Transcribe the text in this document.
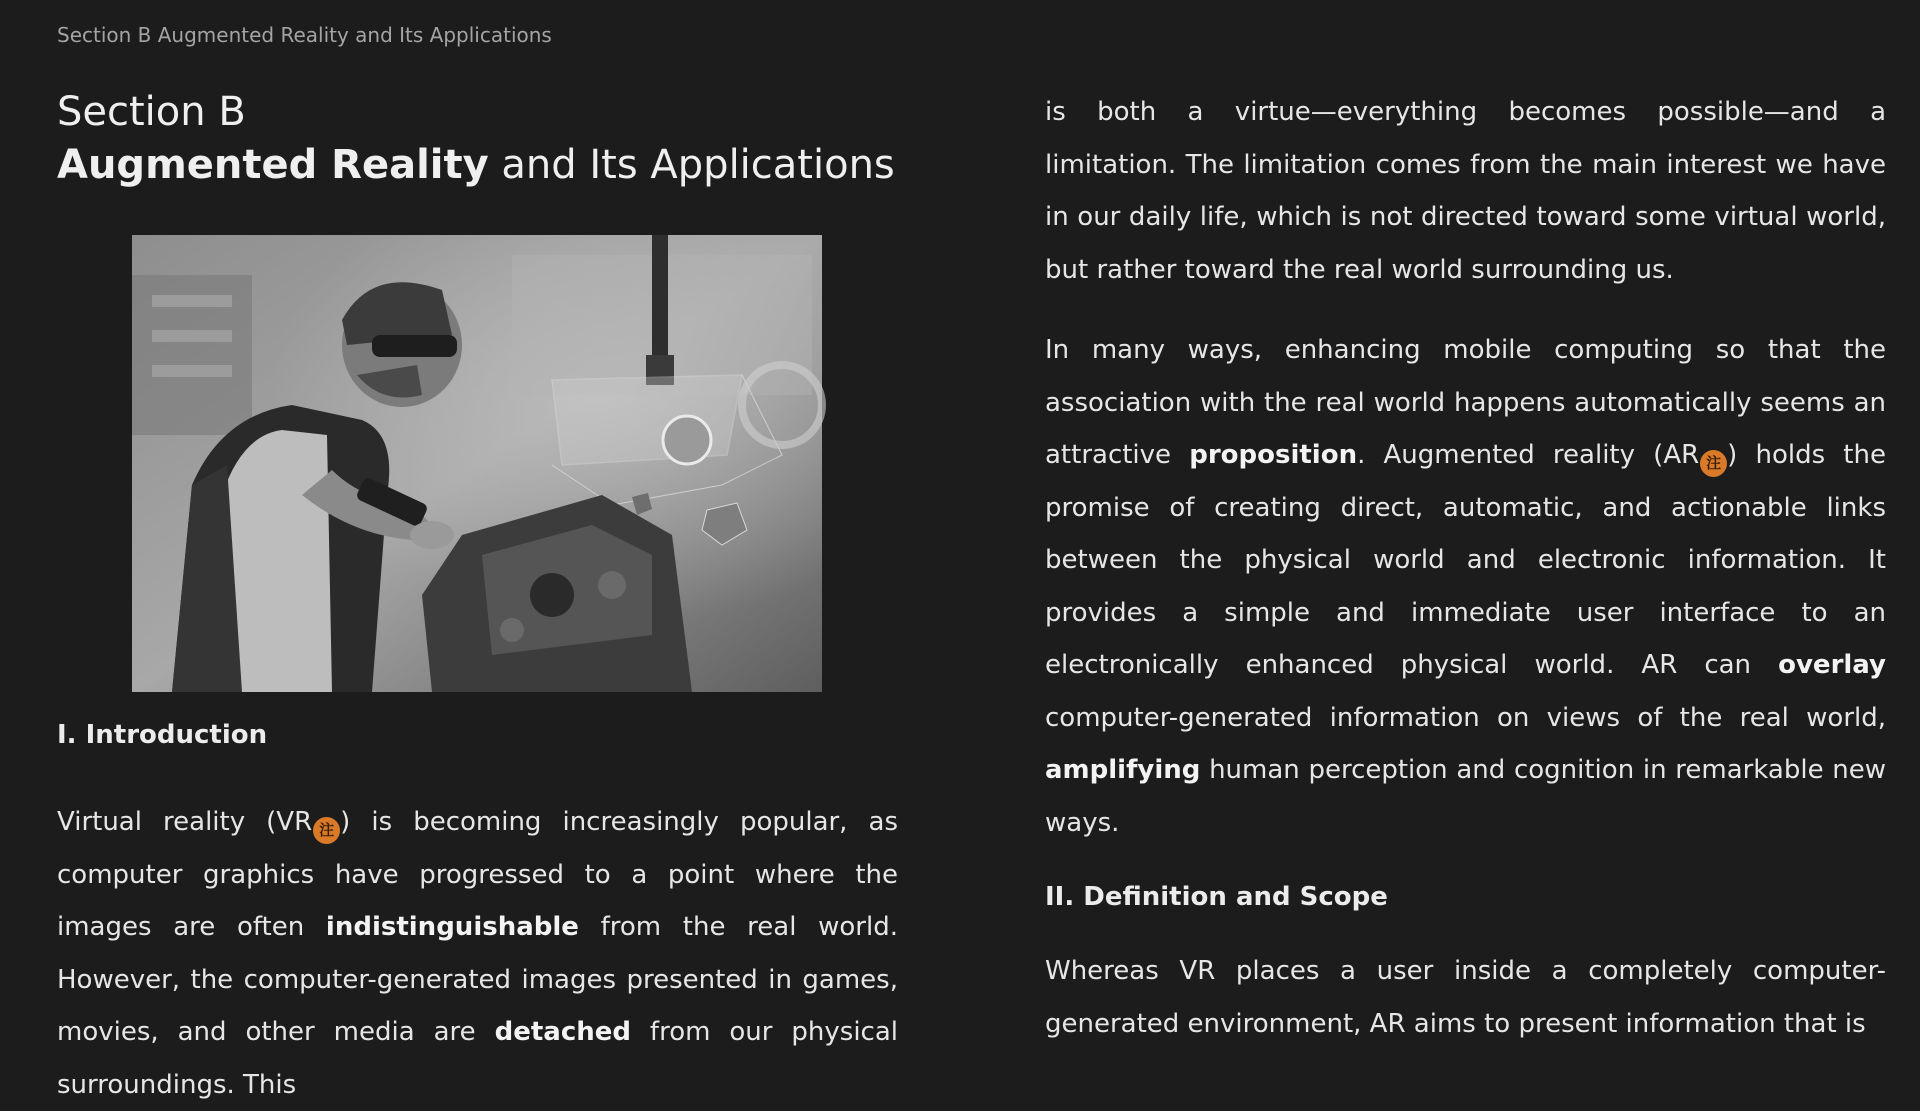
Section B Augmented Reality and Its Applications
Section B
Augmented Reality and Its Applications
I. Introduction

Virtual reality (VR 注 ) is becoming increasingly popular, as computer graphics have progressed to a point where the images are often indistinguishable from the real world. However, the computer-generated images presented in games, movies, and other media are detached from our physical surroundings. This

is both a virtue—everything becomes possible—and a limitation. The limitation comes from the main interest we have in our daily life, which is not directed toward some virtual world, but rather toward the real world surrounding us.

In many ways, enhancing mobile computing so that the association with the real world happens automatically seems an attractive proposition. Augmented reality (AR 注 ) holds the promise of creating direct, automatic, and actionable links between the physical world and electronic information. It provides a simple and immediate user interface to an electronically enhanced physical world. AR can overlay computer-generated information on views of the real world, amplifying human perception and cognition in remarkable new ways.

II. Definition and Scope

Whereas VR places a user inside a completely computer-generated environment, AR aims to present information that is
